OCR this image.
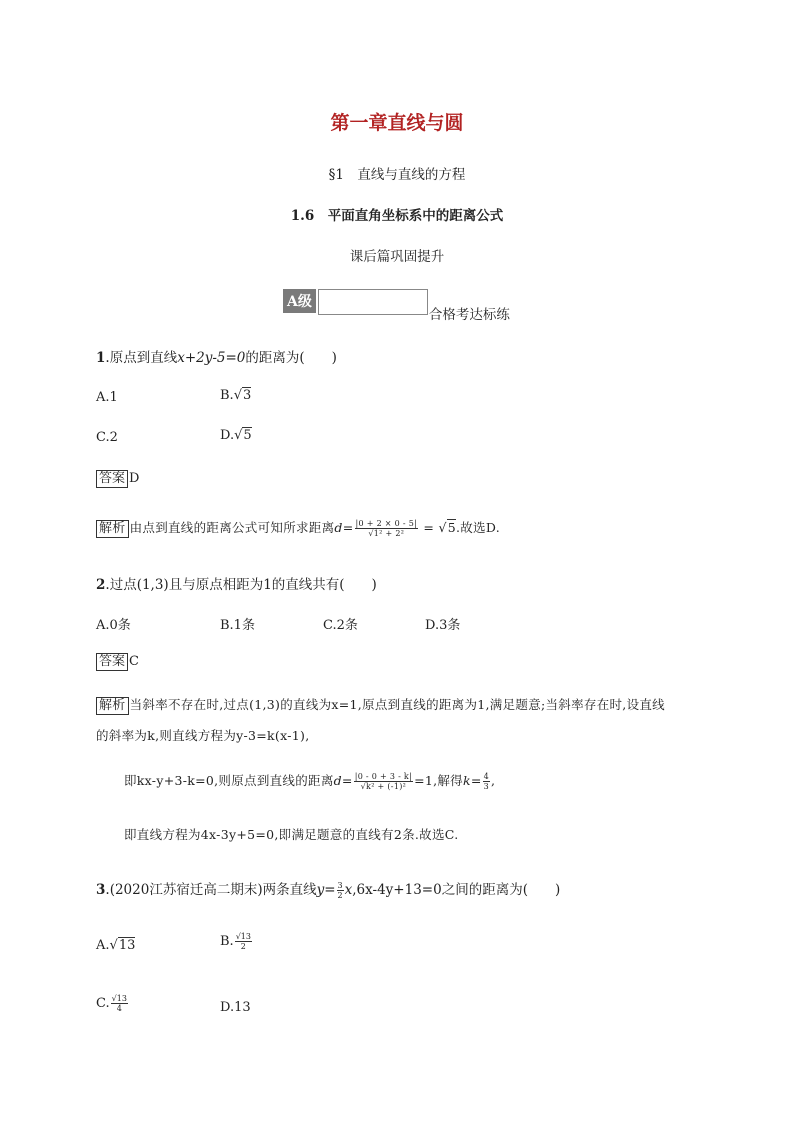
第一章直线与圆
§1　直线与直线的方程
1.6　平面直角坐标系中的距离公式
课后篇巩固提升
A级
合格考达标练
1.原点到直线x+2y-5=0的距离为(　　)
A.1	B.√3
C.2	D.√5
答案 D
解析 由点到直线的距离公式可知所求距离$d= \frac{|0 + 2 \times 0 - 5|}{\text{√1² + 2²}} = √5$.故选D.
2.过点(1,3)且与原点相距为1的直线共有(　　)
A.0条	B.1条	C.2条	D.3条
答案 C
解析 当斜率不存在时,过点(1,3)的直线为x=1,原点到直线的距离为1,满足题意;当斜率存在时,设直线
的斜率为k,则直线方程为y-3=k(x-1),
即kx-y+3-k=0,则原点到直线的距离$d= \frac{|0 - 0 + 3 - k|}{\text{√k² + (-1)²}} =1$,解得$k= \frac{4}{3}$ ,
即直线方程为4x-3y+5=0,即满足题意的直线有2条.故选C.
3.(2020江苏宿迁高二期末)两条直线$y= \frac{3}{2} x,6x-4y+13=0$之间的距离为(　　)
A.√13	B. $\frac{√13}{2}$
C. $\frac{√13}{4}$	D.13
